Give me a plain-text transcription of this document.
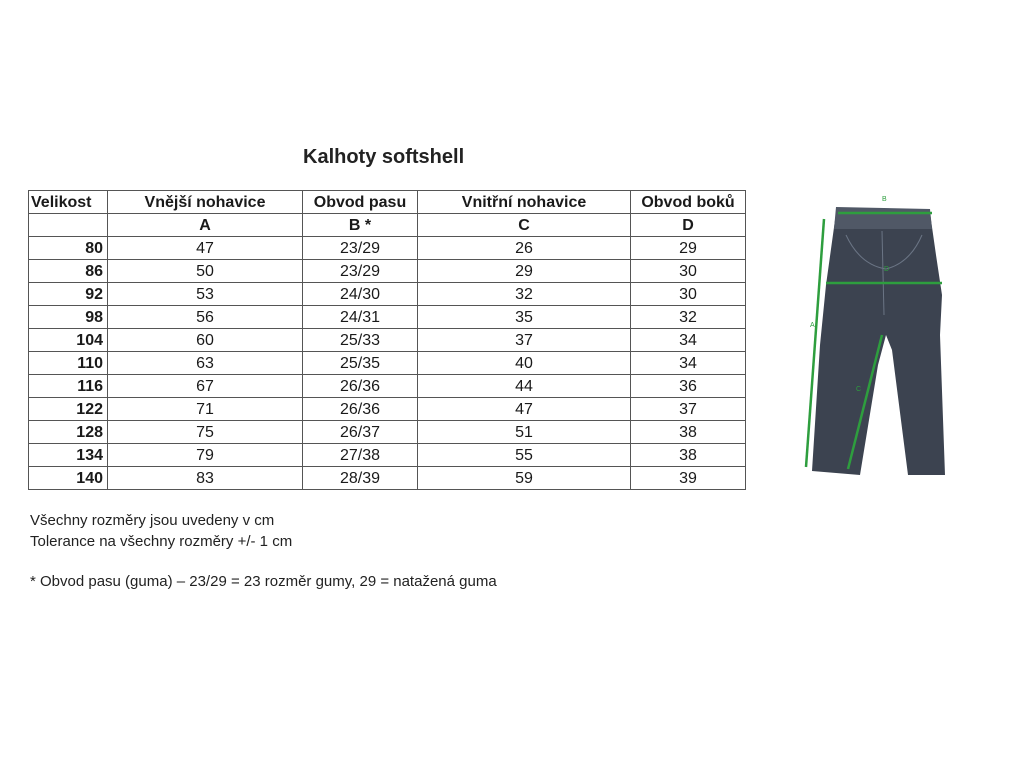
Kalhoty softshell
Velikost	Vnější nohavice	Obvod pasu	Vnitřní nohavice	Obvod boků
	A	B *	C	D
80	47	23/29	26	29
86	50	23/29	29	30
92	53	24/30	32	30
98	56	24/31	35	32
104	60	25/33	37	34
110	63	25/35	40	34
116	67	26/36	44	36
122	71	26/36	47	37
128	75	26/37	51	38
134	79	27/38	55	38
140	83	28/39	59	39

Všechny rozměry jsou uvedeny v cm

Tolerance na všechny rozměry +/- 1 cm

* Obvod pasu (guma) – 23/29 = 23 rozměr gumy, 29 = natažená guma

B
D
A
C
